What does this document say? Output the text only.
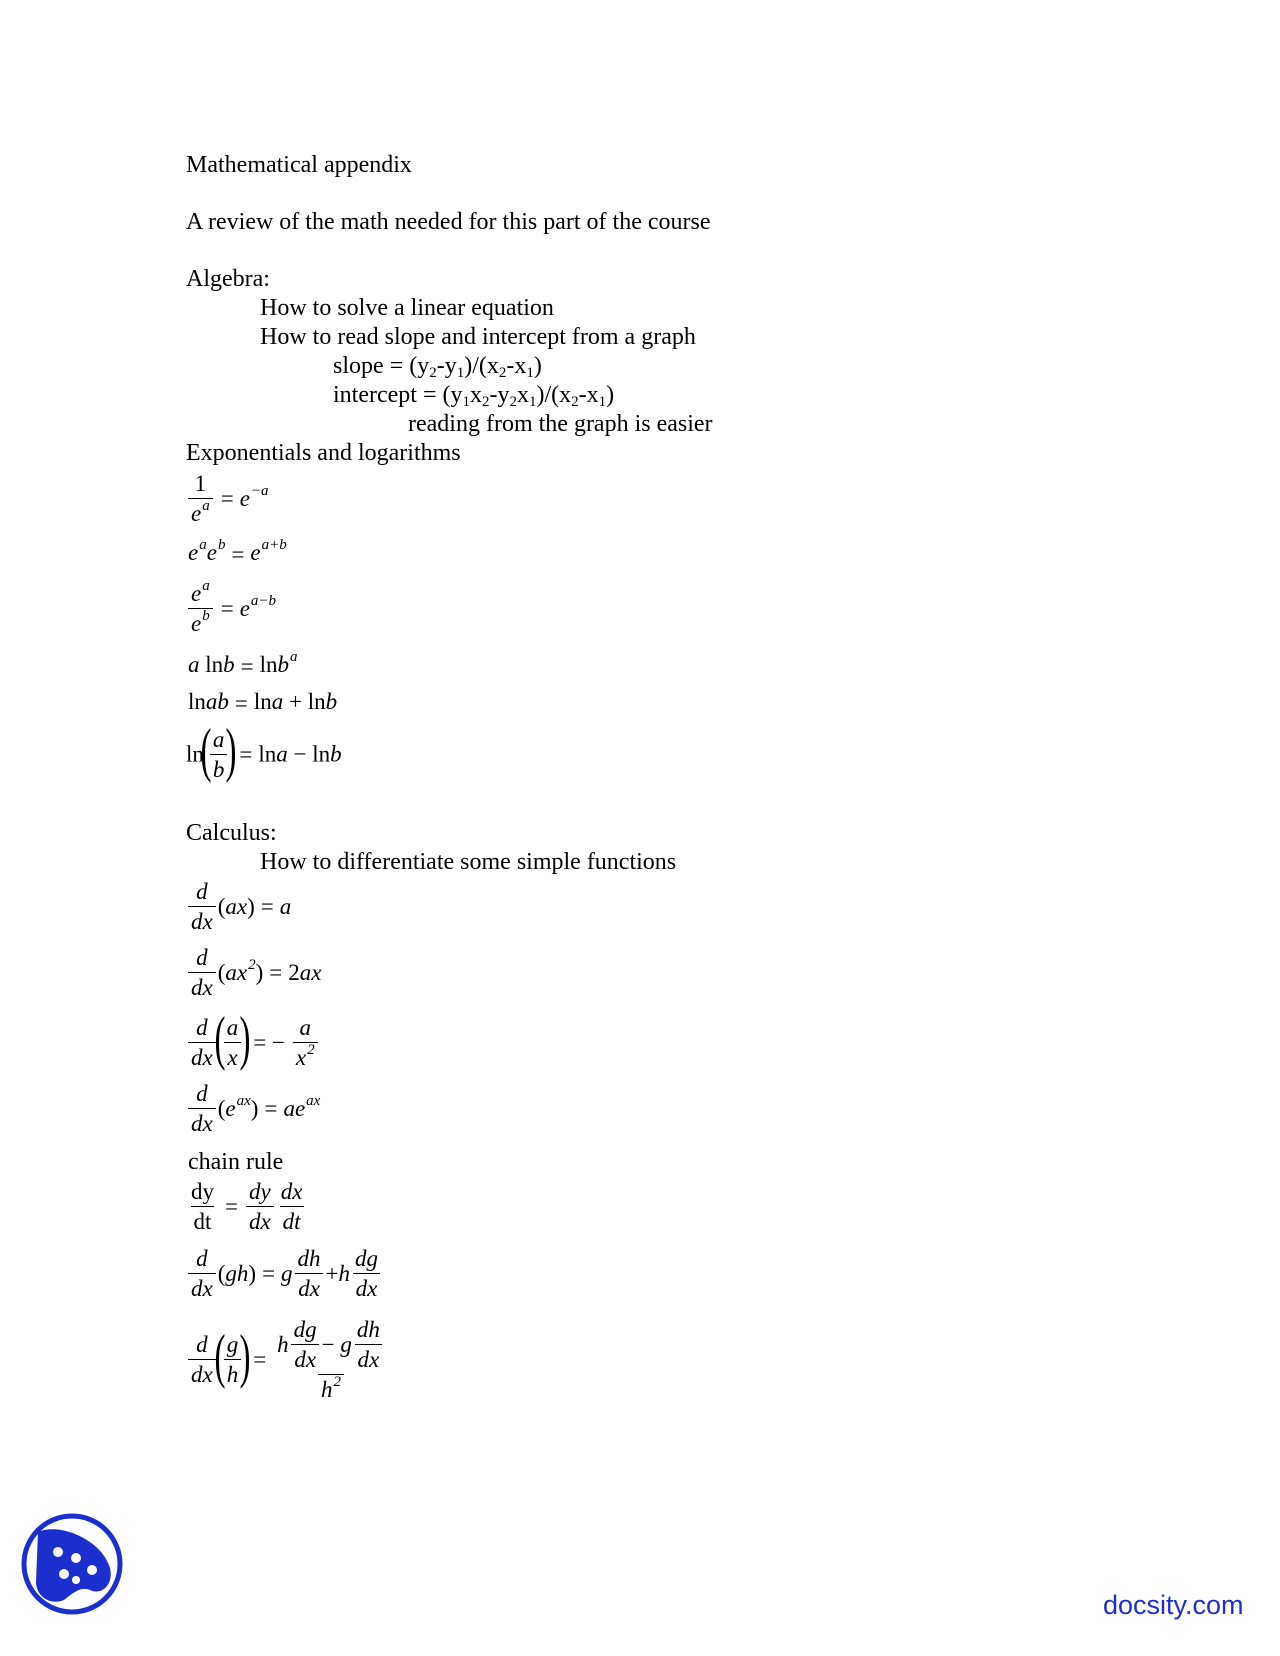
Mathematical appendix
A review of the math needed for this part of the course
Algebra:
How to solve a linear equation
How to read slope and intercept from a graph
slope = $(y_2-y_1)/(x_2-x_1)$
intercept = $(y_1x_2-y_2x_1)/(x_2-x_1)$
reading from the graph is easier
Exponentials and logarithms
$\frac{1}{e^a} = e^{-a}$
$e^ae^b = e^{a+b}$
$\frac{e^a}{e^b} = e^{a-b}$
a lnb = lnb$^a$
lnab = lna + lnb
ln(
$\frac{a}{b}$
) = lna − lnb
Calculus:
How to differentiate some simple functions
$\frac{d}{dx} (ax) = a$
$\frac{d}{dx} (ax^2) = 2ax$
$\frac{d}{dx}$
(
$\frac{a}{x}$
) = − $\frac{a}{x^2}$
$\frac{d}{dx} (e^{ax}) = ae^{ax}$
chain rule
$\frac{dy}{dt} = \frac{dy}{dx} \frac{dx}{dt}$
$\frac{d}{dx} (gh) = g \frac{dh}{dx} +h \frac{dg}{dx}$
$\frac{d}{dx}$
(
$\frac{g}{h}$
) = $\frac{h \frac{dg}{dx} - g \frac{dh}{dx}}{h^2}$
docsity.com
